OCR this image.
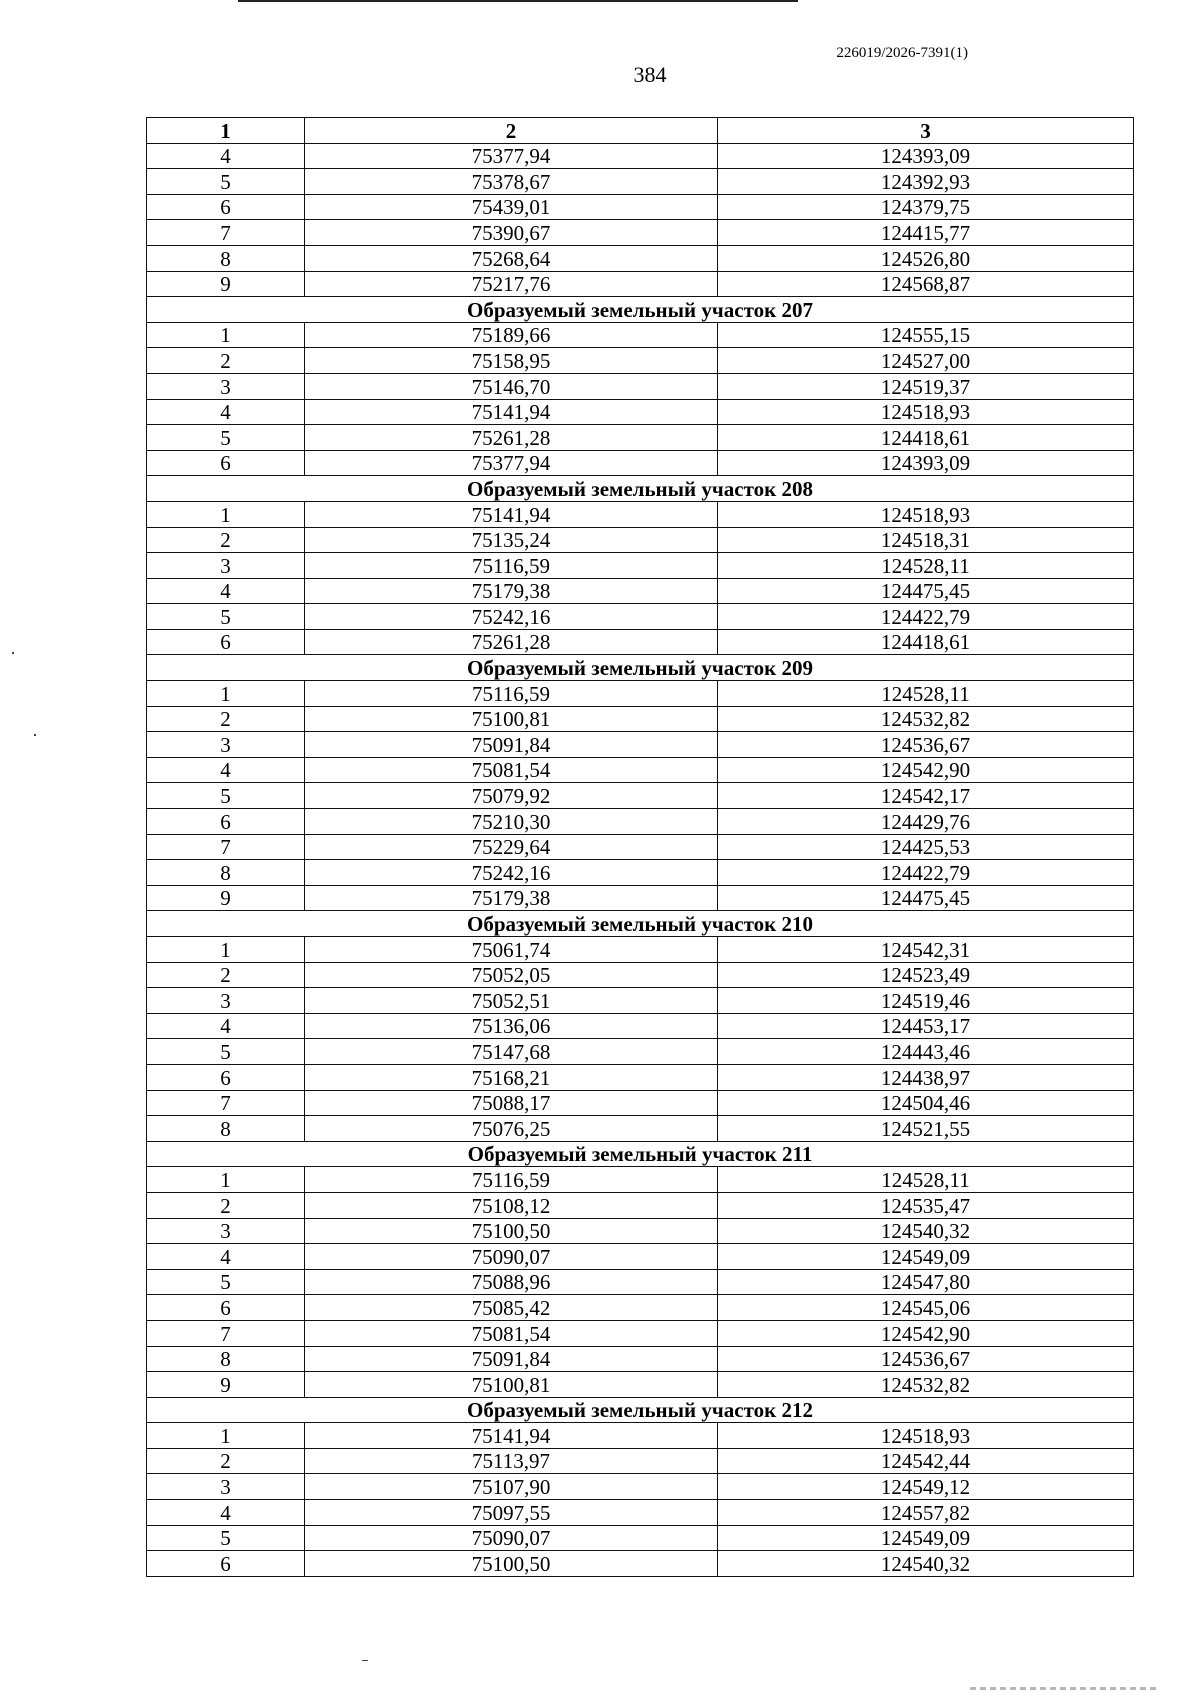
226019/2026-7391(1)
384
1	2	3
4	75377,94	124393,09
5	75378,67	124392,93
6	75439,01	124379,75
7	75390,67	124415,77
8	75268,64	124526,80
9	75217,76	124568,87
Образуемый земельный участок 207		
1	75189,66	124555,15
2	75158,95	124527,00
3	75146,70	124519,37
4	75141,94	124518,93
5	75261,28	124418,61
6	75377,94	124393,09
Образуемый земельный участок 208		
1	75141,94	124518,93
2	75135,24	124518,31
3	75116,59	124528,11
4	75179,38	124475,45
5	75242,16	124422,79
6	75261,28	124418,61
Образуемый земельный участок 209		
1	75116,59	124528,11
2	75100,81	124532,82
3	75091,84	124536,67
4	75081,54	124542,90
5	75079,92	124542,17
6	75210,30	124429,76
7	75229,64	124425,53
8	75242,16	124422,79
9	75179,38	124475,45
Образуемый земельный участок 210		
1	75061,74	124542,31
2	75052,05	124523,49
3	75052,51	124519,46
4	75136,06	124453,17
5	75147,68	124443,46
6	75168,21	124438,97
7	75088,17	124504,46
8	75076,25	124521,55
Образуемый земельный участок 211		
1	75116,59	124528,11
2	75108,12	124535,47
3	75100,50	124540,32
4	75090,07	124549,09
5	75088,96	124547,80
6	75085,42	124545,06
7	75081,54	124542,90
8	75091,84	124536,67
9	75100,81	124532,82
Образуемый земельный участок 212		
1	75141,94	124518,93
2	75113,97	124542,44
3	75107,90	124549,12
4	75097,55	124557,82
5	75090,07	124549,09
6	75100,50	124540,32
